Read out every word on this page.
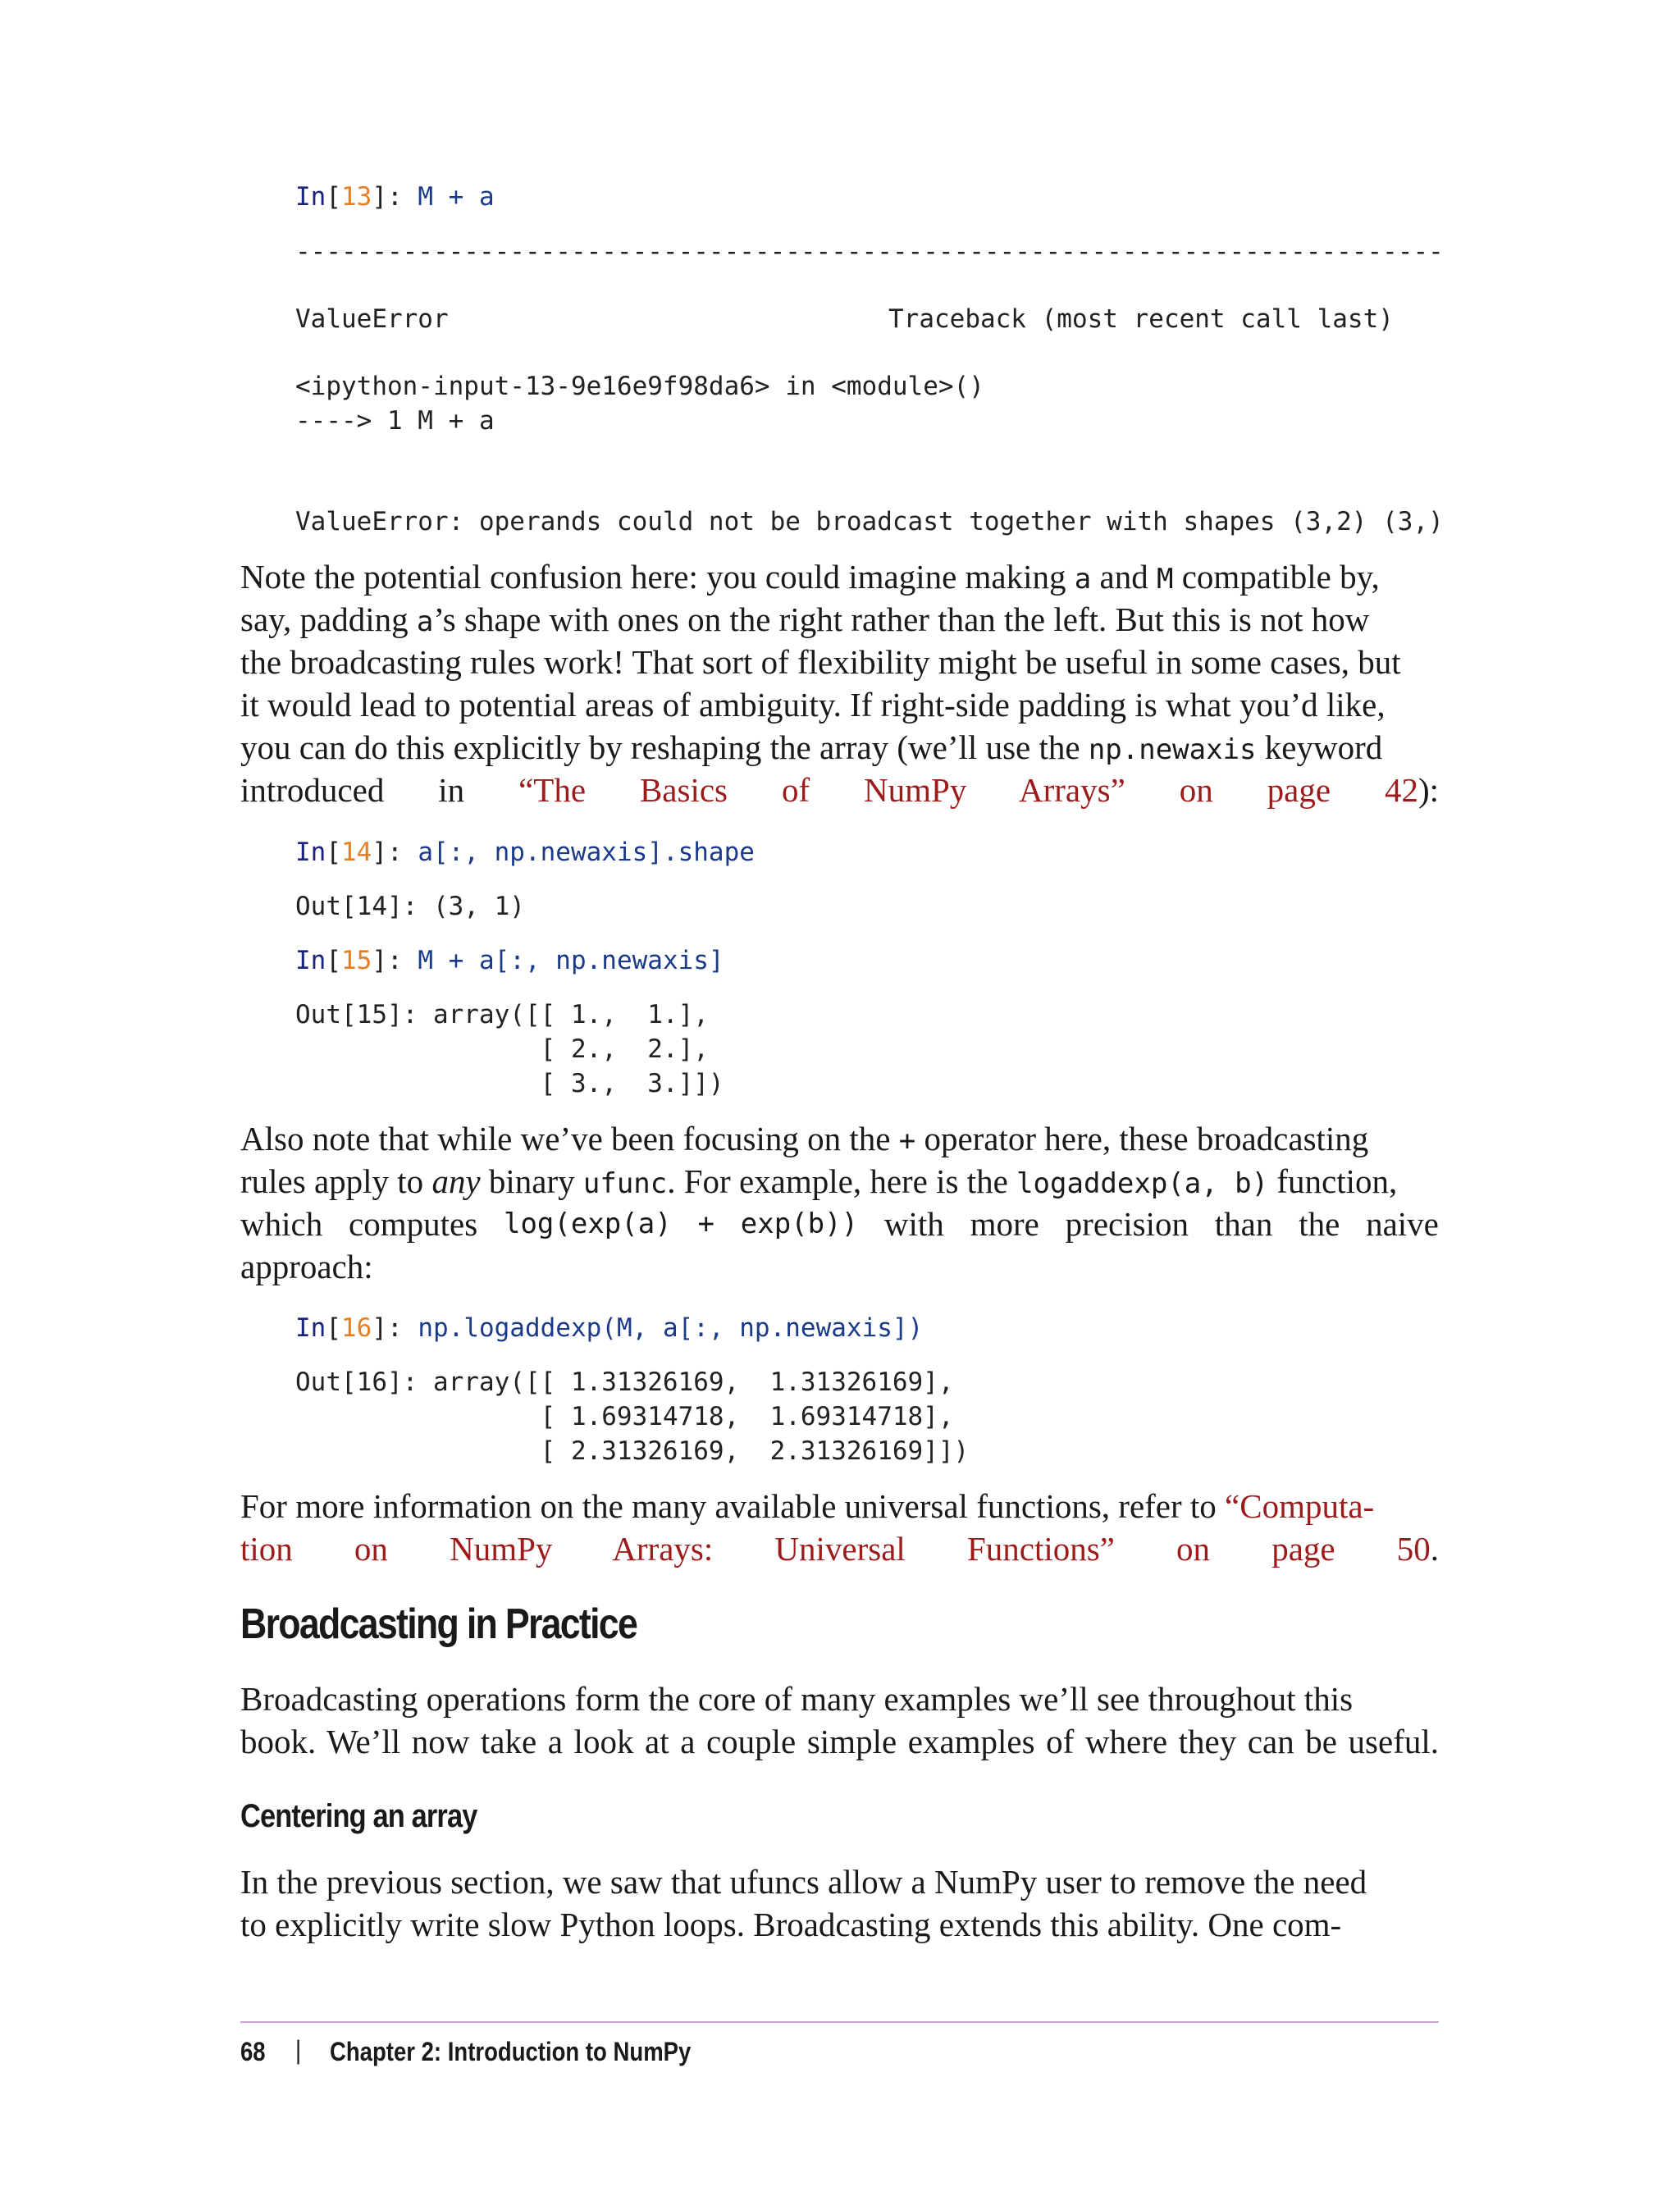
In[13]: M + a
---------------------------------------------------------------------------
ValueError	Traceback (most recent call last)
<ipython-input-13-9e16e9f98da6> in <module>()
----> 1 M + a
ValueError: operands could not be broadcast together with shapes (3,2) (3,)
Note the potential confusion here: you could imagine making a and M compatible by,
say, padding a’s shape with ones on the right rather than the left. But this is not how
the broadcasting rules work! That sort of flexibility might be useful in some cases, but
it would lead to potential areas of ambiguity. If right-side padding is what you’d like,
you can do this explicitly by reshaping the array (we’ll use the np.newaxis keyword
introduced in “The Basics of NumPy Arrays” on page 42):
In[14]: a[:, np.newaxis].shape
Out[14]: (3, 1)
In[15]: M + a[:, np.newaxis]
Out[15]: array([[ 1.,  1.],
[ 2.,  2.],
[ 3.,  3.]])
Also note that while we’ve been focusing on the + operator here, these broadcasting
rules apply to any binary ufunc. For example, here is the logaddexp(a, b) function,
which computes log(exp(a) + exp(b)) with more precision than the naive
approach:
In[16]: np.logaddexp(M, a[:, np.newaxis])
Out[16]: array([[ 1.31326169,  1.31326169],
[ 1.69314718,  1.69314718],
[ 2.31326169,  2.31326169]])
For more information on the many available universal functions, refer to “Computa-
tion on NumPy Arrays: Universal Functions” on page 50.
Broadcasting in Practice
Broadcasting operations form the core of many examples we’ll see throughout this
book. We’ll now take a look at a couple simple examples of where they can be useful.
Centering an array
In the previous section, we saw that ufuncs allow a NumPy user to remove the need
to explicitly write slow Python loops. Broadcasting extends this ability. One com-
68 | Chapter 2: Introduction to NumPy
